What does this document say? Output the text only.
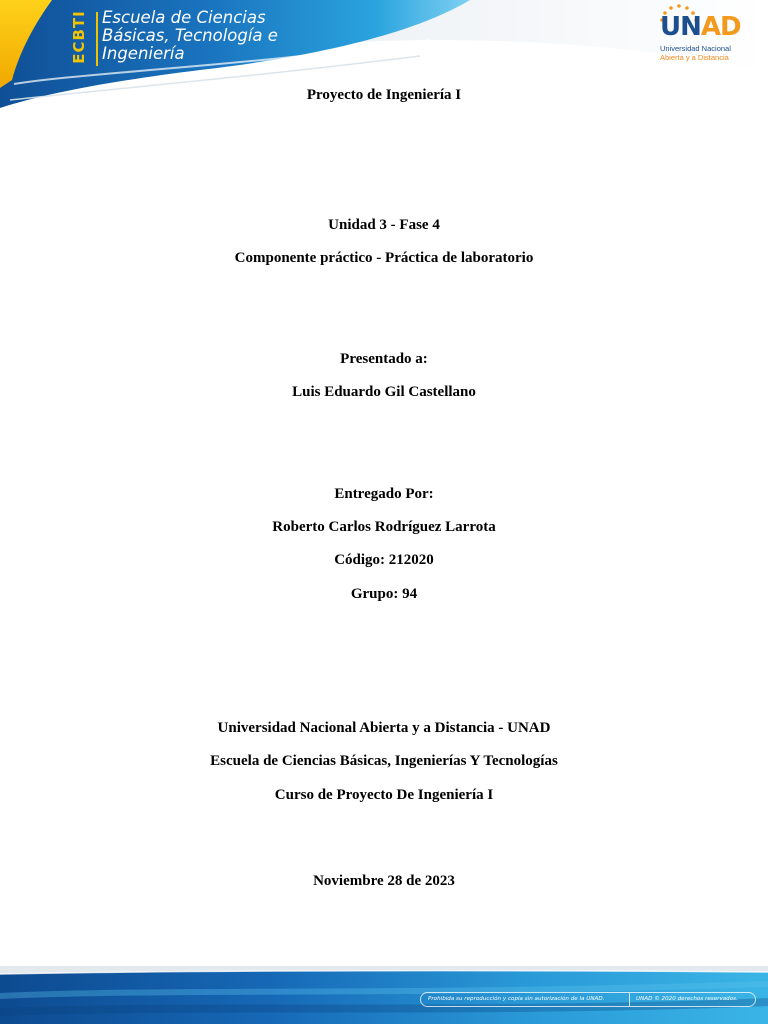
ECBTI Escuela de Ciencias
Básicas, Tecnología e
Ingeniería
UNAD
Universidad Nacional
Abierta y a Distancia
Proyecto de Ingeniería I
Unidad 3 - Fase 4
Componente práctico - Práctica de laboratorio
Presentado a:
Luis Eduardo Gil Castellano
Entregado Por:
Roberto Carlos Rodríguez Larrota
Código: 212020
Grupo: 94
Universidad Nacional Abierta y a Distancia - UNAD
Escuela de Ciencias Básicas, Ingenierías Y Tecnologías
Curso de Proyecto De Ingeniería I
Noviembre 28 de 2023
Prohibida su reproducción y copia sin autorización de la UNAD.	UNAD © 2020 derechos reservados.
